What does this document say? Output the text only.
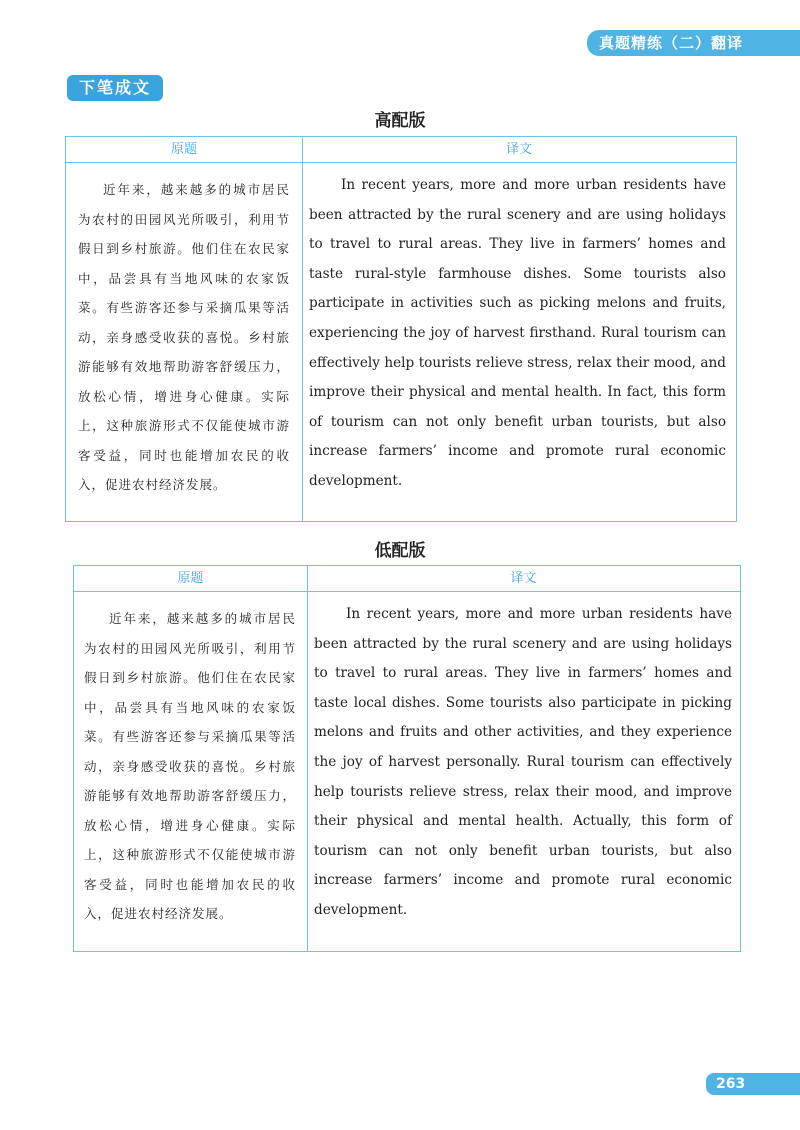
真题精练（二）翻译
下笔成文
高配版
原题	译文
近年来，越来越多的城市居民为农村的田园风光所吸引，利用节假日到乡村旅游。他们住在农民家中，品尝具有当地风味的农家饭菜。有些游客还参与采摘瓜果等活动，亲身感受收获的喜悦。乡村旅游能够有效地帮助游客舒缓压力，放松心情，增进身心健康。实际上，这种旅游形式不仅能使城市游客受益，同时也能增加农民的收入，促进农村经济发展。
In recent years, more and more urban residents have been attracted by the rural scenery and are using holidays to travel to rural areas. They live in farmers’ homes and taste rural-style farmhouse dishes. Some tourists also participate in activities such as picking melons and fruits, experiencing the joy of harvest firsthand. Rural tourism can effectively help tourists relieve stress, relax their mood, and improve their physical and mental health. In fact, this form of tourism can not only benefit urban tourists, but also increase farmers’ income and promote rural economic development.
低配版
原题	译文
近年来，越来越多的城市居民为农村的田园风光所吸引，利用节假日到乡村旅游。他们住在农民家中，品尝具有当地风味的农家饭菜。有些游客还参与采摘瓜果等活动，亲身感受收获的喜悦。乡村旅游能够有效地帮助游客舒缓压力，放松心情，增进身心健康。实际上，这种旅游形式不仅能使城市游客受益，同时也能增加农民的收入，促进农村经济发展。
In recent years, more and more urban residents have been attracted by the rural scenery and are using holidays to travel to rural areas. They live in farmers’ homes and taste local dishes. Some tourists also participate in picking melons and fruits and other activities, and they experience the joy of harvest personally. Rural tourism can effectively help tourists relieve stress, relax their mood, and improve their physical and mental health. Actually, this form of tourism can not only benefit urban tourists, but also increase farmers’ income and promote rural economic development.
263
